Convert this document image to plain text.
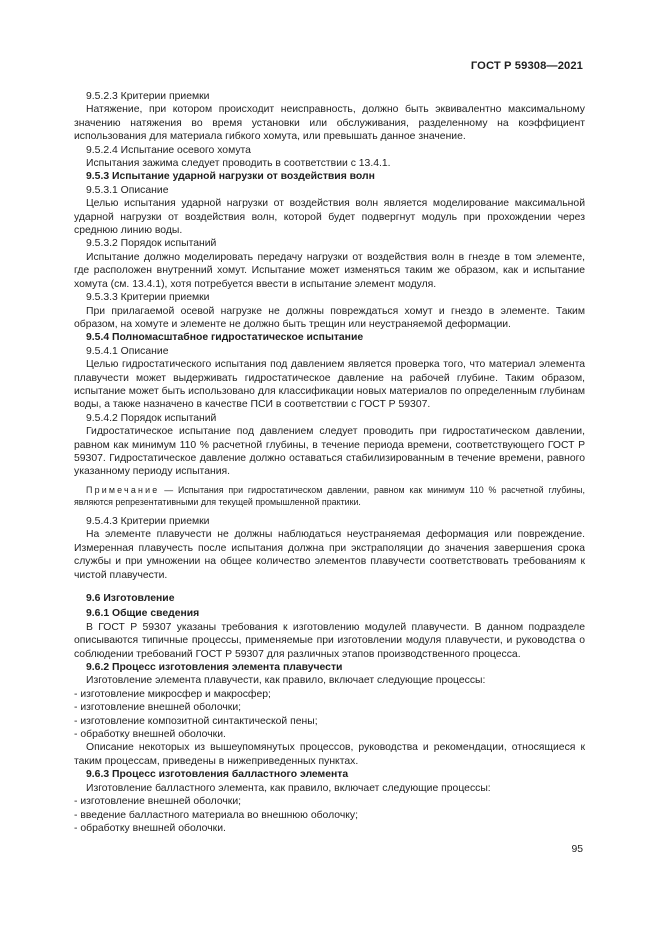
ГОСТ Р 59308—2021

9.5.2.3 Критерии приемки

Натяжение, при котором происходит неисправность, должно быть эквивалентно максимальному значению натяжения во время установки или обслуживания, разделенному на коэффициент использования для материала гибкого хомута, или превышать данное значение.

9.5.2.4 Испытание осевого хомута

Испытания зажима следует проводить в соответствии с 13.4.1.

9.5.3 Испытание ударной нагрузки от воздействия волн

9.5.3.1 Описание

Целью испытания ударной нагрузки от воздействия волн является моделирование максимальной ударной нагрузки от воздействия волн, которой будет подвергнут модуль при прохождении через среднюю линию воды.

9.5.3.2 Порядок испытаний

Испытание должно моделировать передачу нагрузки от воздействия волн в гнезде в том элементе, где расположен внутренний хомут. Испытание может изменяться таким же образом, как и испытание хомута (см. 13.4.1), хотя потребуется ввести в испытание элемент модуля.

9.5.3.3 Критерии приемки

При прилагаемой осевой нагрузке не должны повреждаться хомут и гнездо в элементе. Таким образом, на хомуте и элементе не должно быть трещин или неустраняемой деформации.

9.5.4 Полномасштабное гидростатическое испытание

9.5.4.1 Описание

Целью гидростатического испытания под давлением является проверка того, что материал элемента плавучести может выдерживать гидростатическое давление на рабочей глубине. Таким образом, испытание может быть использовано для классификации новых материалов по определенным глубинам воды, а также назначено в качестве ПСИ в соответствии с ГОСТ Р 59307.

9.5.4.2 Порядок испытаний

Гидростатическое испытание под давлением следует проводить при гидростатическом давлении, равном как минимум 110 % расчетной глубины, в течение периода времени, соответствующего ГОСТ Р 59307. Гидростатическое давление должно оставаться стабилизированным в течение времени, равного указанному периоду испытания.

Примечание — Испытания при гидростатическом давлении, равном как минимум 110 % расчетной глубины, являются репрезентативными для текущей промышленной практики.

9.5.4.3 Критерии приемки

На элементе плавучести не должны наблюдаться неустраняемая деформация или повреждение. Измеренная плавучесть после испытания должна при экстраполяции до значения завершения срока службы и при умножении на общее количество элементов плавучести соответствовать требованиям к чистой плавучести.

9.6 Изготовление

9.6.1 Общие сведения

В ГОСТ Р 59307 указаны требования к изготовлению модулей плавучести. В данном подразделе описываются типичные процессы, применяемые при изготовлении модуля плавучести, и руководства о соблюдении требований ГОСТ Р 59307 для различных этапов производственного процесса.

9.6.2 Процесс изготовления элемента плавучести

Изготовление элемента плавучести, как правило, включает следующие процессы:

- изготовление микросфер и макросфер;

- изготовление внешней оболочки;

- изготовление композитной синтактической пены;

- обработку внешней оболочки.

Описание некоторых из вышеупомянутых процессов, руководства и рекомендации, относящиеся к таким процессам, приведены в нижеприведенных пунктах.

9.6.3 Процесс изготовления балластного элемента

Изготовление балластного элемента, как правило, включает следующие процессы:

- изготовление внешней оболочки;

- введение балластного материала во внешнюю оболочку;

- обработку внешней оболочки.

95
